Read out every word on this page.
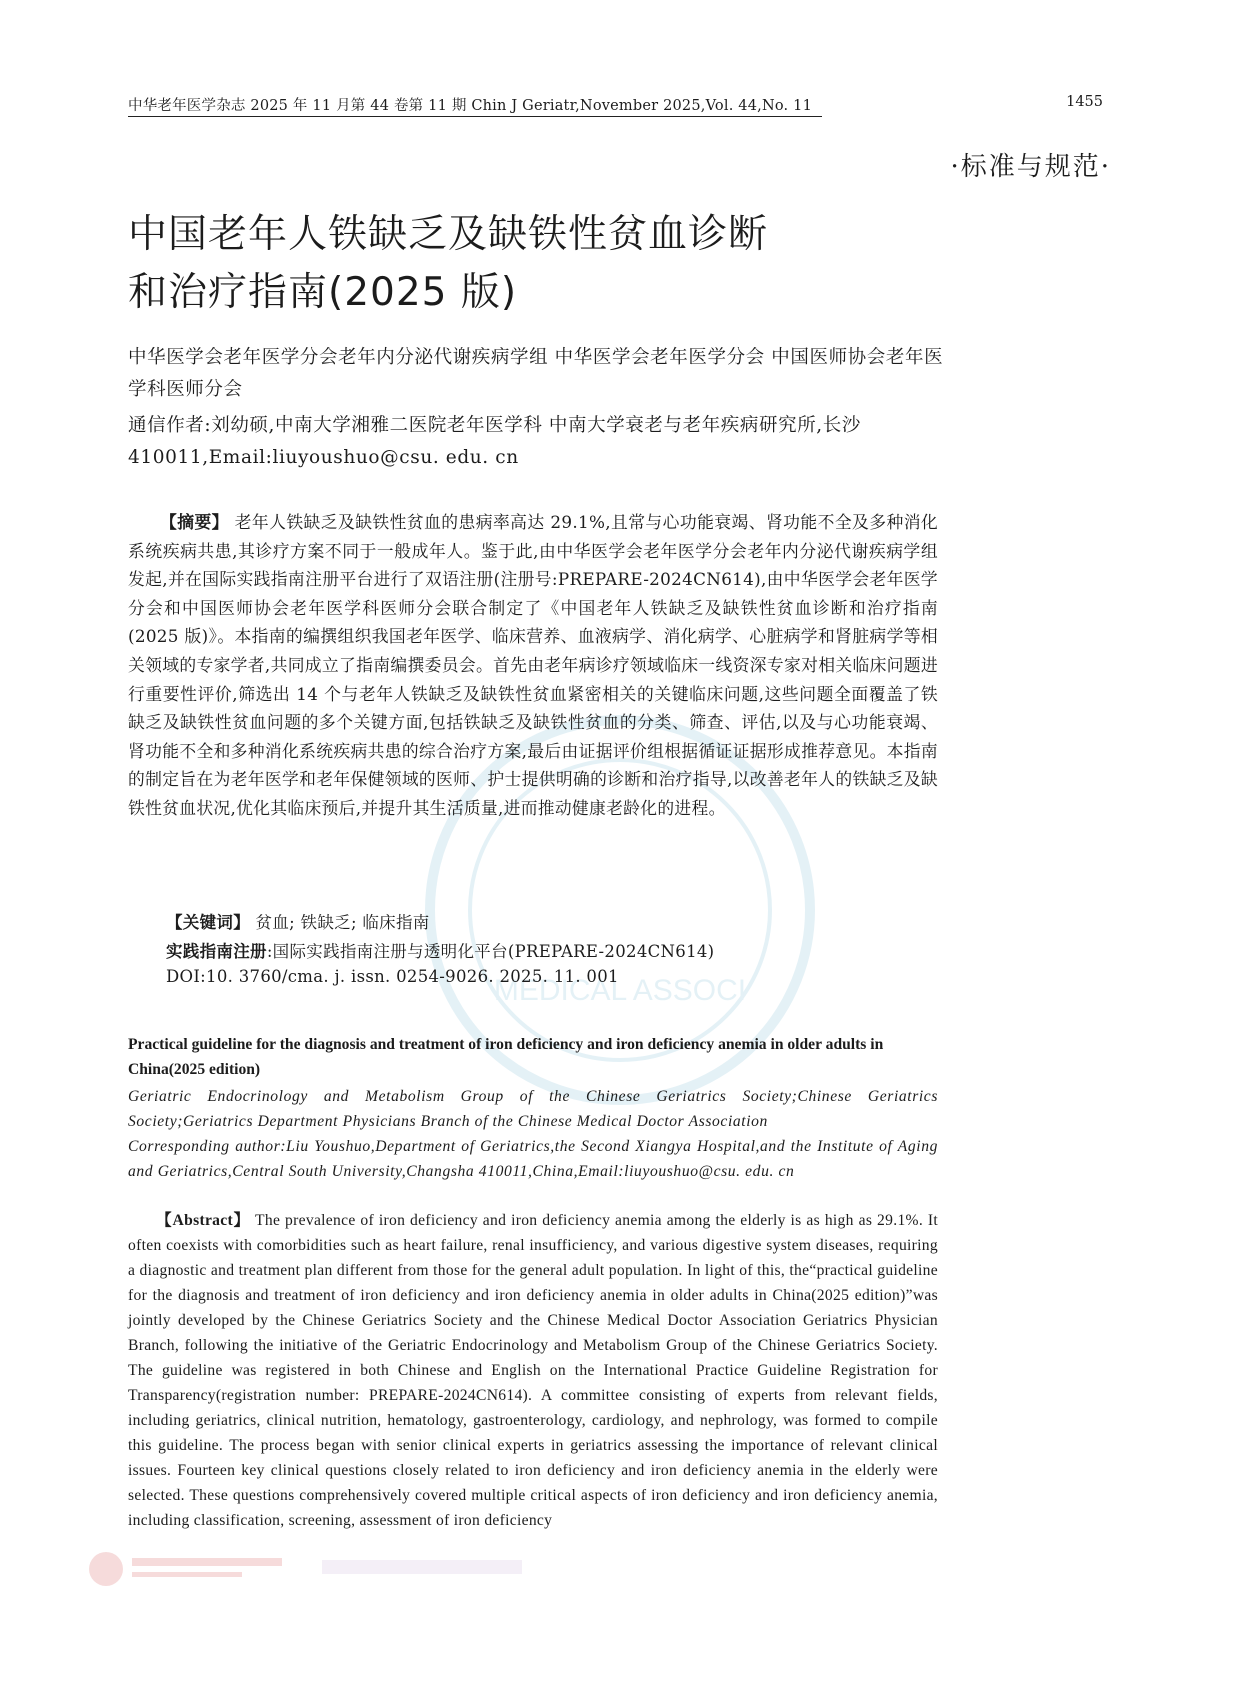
中华老年医学杂志 2025 年 11 月第 44 卷第 11 期 Chin J Geriatr,November 2025,Vol. 44,No. 11	1455
·标准与规范·
中国老年人铁缺乏及缺铁性贫血诊断
和治疗指南(2025 版)
中华医学会老年医学分会老年内分泌代谢疾病学组 中华医学会老年医学分会 中国医师协会老年医学科医师分会
通信作者:刘幼硕,中南大学湘雅二医院老年医学科 中南大学衰老与老年疾病研究所,长沙 410011,Email:liuyoushuo@csu. edu. cn
MEDICAL ASSOCI

【摘要】 老年人铁缺乏及缺铁性贫血的患病率高达 29.1%,且常与心功能衰竭、肾功能不全及多种消化系统疾病共患,其诊疗方案不同于一般成年人。鉴于此,由中华医学会老年医学分会老年内分泌代谢疾病学组发起,并在国际实践指南注册平台进行了双语注册(注册号:PREPARE-2024CN614),由中华医学会老年医学分会和中国医师协会老年医学科医师分会联合制定了《中国老年人铁缺乏及缺铁性贫血诊断和治疗指南(2025 版)》。本指南的编撰组织我国老年医学、临床营养、血液病学、消化病学、心脏病学和肾脏病学等相关领域的专家学者,共同成立了指南编撰委员会。首先由老年病诊疗领域临床一线资深专家对相关临床问题进行重要性评价,筛选出 14 个与老年人铁缺乏及缺铁性贫血紧密相关的关键临床问题,这些问题全面覆盖了铁缺乏及缺铁性贫血问题的多个关键方面,包括铁缺乏及缺铁性贫血的分类、筛查、评估,以及与心功能衰竭、肾功能不全和多种消化系统疾病共患的综合治疗方案,最后由证据评价组根据循证证据形成推荐意见。本指南的制定旨在为老年医学和老年保健领域的医师、护士提供明确的诊断和治疗指导,以改善老年人的铁缺乏及缺铁性贫血状况,优化其临床预后,并提升其生活质量,进而推动健康老龄化的进程。

【关键词】 贫血; 铁缺乏; 临床指南
实践指南注册:国际实践指南注册与透明化平台(PREPARE-2024CN614)
DOI:10. 3760/cma. j. issn. 0254-9026. 2025. 11. 001
Practical guideline for the diagnosis and treatment of iron deficiency and iron deficiency anemia in older adults in China(2025 edition)
Geriatric Endocrinology and Metabolism Group of the Chinese Geriatrics Society;Chinese Geriatrics Society;Geriatrics Department Physicians Branch of the Chinese Medical Doctor Association
Corresponding author:Liu Youshuo,Department of Geriatrics,the Second Xiangya Hospital,and the Institute of Aging and Geriatrics,Central South University,Changsha 410011,China,Email:liuyoushuo@csu. edu. cn

【Abstract】 The prevalence of iron deficiency and iron deficiency anemia among the elderly is as high as 29.1%. It often coexists with comorbidities such as heart failure, renal insufficiency, and various digestive system diseases, requiring a diagnostic and treatment plan different from those for the general adult population. In light of this, the“practical guideline for the diagnosis and treatment of iron deficiency and iron deficiency anemia in older adults in China(2025 edition)”was jointly developed by the Chinese Geriatrics Society and the Chinese Medical Doctor Association Geriatrics Physician Branch, following the initiative of the Geriatric Endocrinology and Metabolism Group of the Chinese Geriatrics Society. The guideline was registered in both Chinese and English on the International Practice Guideline Registration for Transparency(registration number: PREPARE-2024CN614). A committee consisting of experts from relevant fields, including geriatrics, clinical nutrition, hematology, gastroenterology, cardiology, and nephrology, was formed to compile this guideline. The process began with senior clinical experts in geriatrics assessing the importance of relevant clinical issues. Fourteen key clinical questions closely related to iron deficiency and iron deficiency anemia in the elderly were selected. These questions comprehensively covered multiple critical aspects of iron deficiency and iron deficiency anemia, including classification, screening, assessment of iron deficiency
